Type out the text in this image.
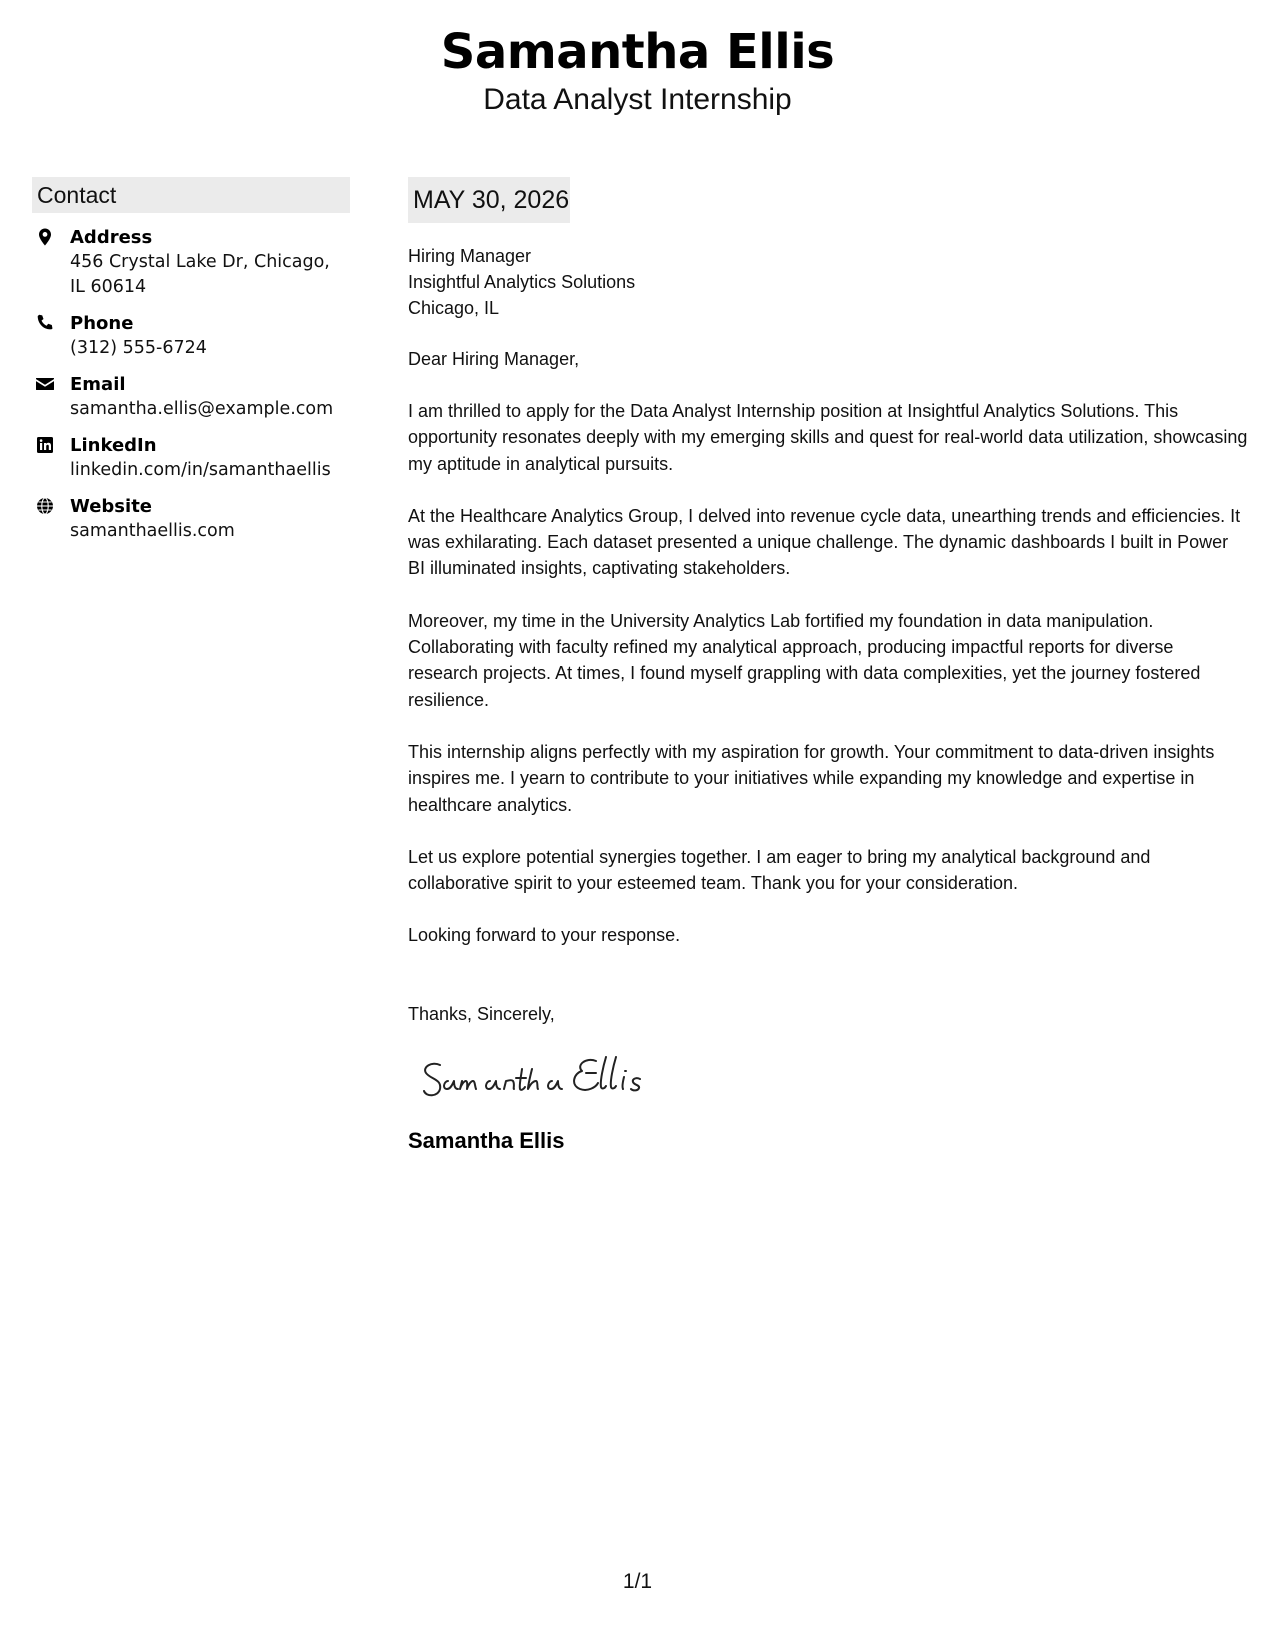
Samantha Ellis
Data Analyst Internship
Contact
Address
456 Crystal Lake Dr, Chicago, IL 60614
Phone
(312) 555-6724
Email
samantha.ellis@example.com
LinkedIn
linkedin.com/in/samanthaellis
Website
samanthaellis.com
MAY 30, 2026
Hiring Manager
Insightful Analytics Solutions
Chicago, IL
Dear Hiring Manager,
I am thrilled to apply for the Data Analyst Internship position at Insightful Analytics Solutions. This opportunity resonates deeply with my emerging skills and quest for real-world data utilization, showcasing my aptitude in analytical pursuits.
At the Healthcare Analytics Group, I delved into revenue cycle data, unearthing trends and efficiencies. It was exhilarating. Each dataset presented a unique challenge. The dynamic dashboards I built in Power BI illuminated insights, captivating stakeholders.
Moreover, my time in the University Analytics Lab fortified my foundation in data manipulation. Collaborating with faculty refined my analytical approach, producing impactful reports for diverse research projects. At times, I found myself grappling with data complexities, yet the journey fostered resilience.
This internship aligns perfectly with my aspiration for growth. Your commitment to data-driven insights inspires me. I yearn to contribute to your initiatives while expanding my knowledge and expertise in healthcare analytics.
Let us explore potential synergies together. I am eager to bring my analytical background and collaborative spirit to your esteemed team. Thank you for your consideration.
Looking forward to your response.
Thanks, Sincerely,
Samantha Ellis
1/1
